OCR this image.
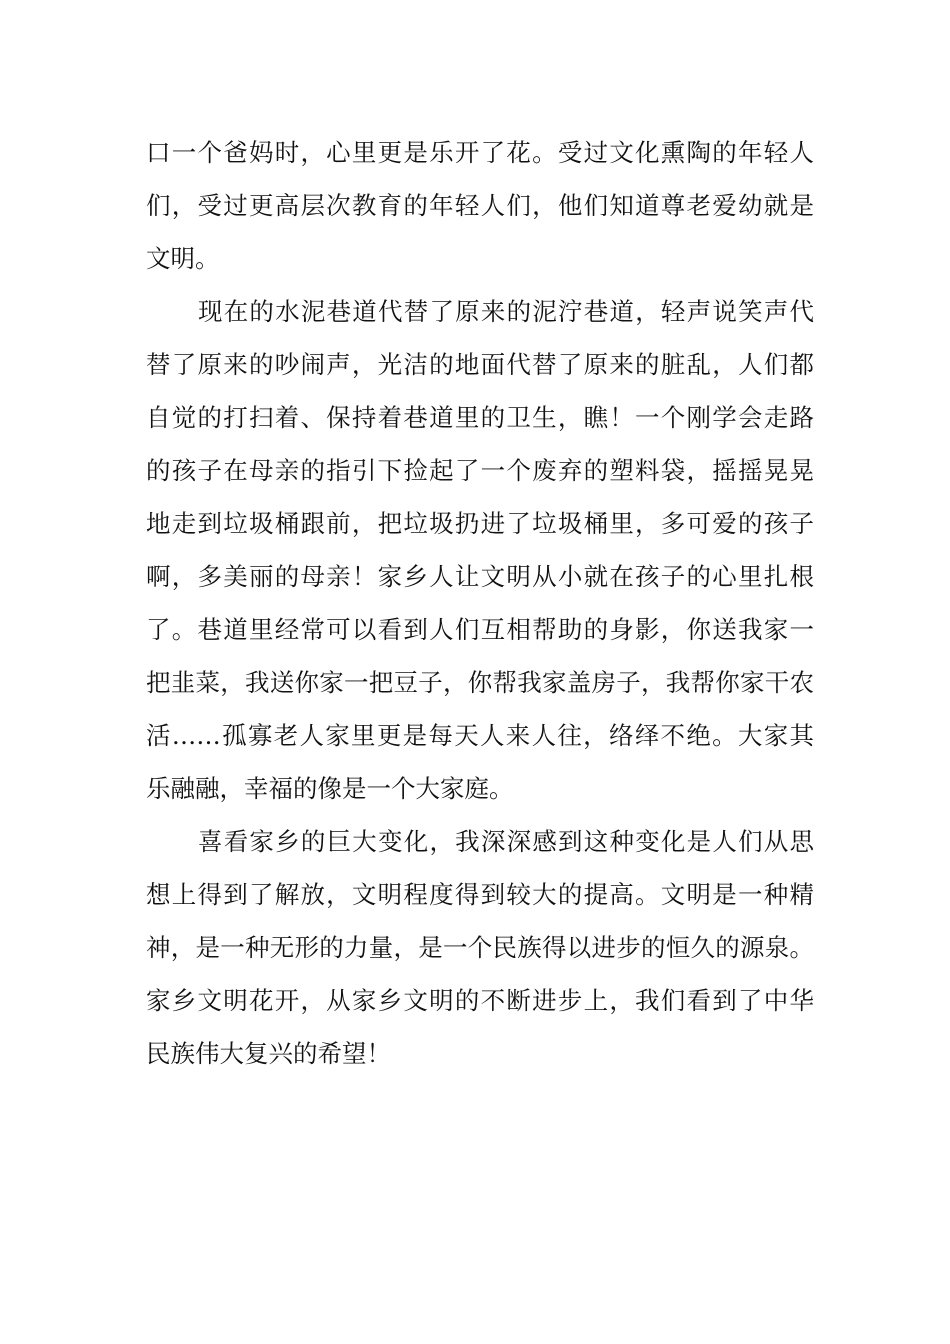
口一个爸妈时，心里更是乐开了花。受过文化熏陶的年轻人
们，受过更高层次教育的年轻人们，他们知道尊老爱幼就是
文明。
现在的水泥巷道代替了原来的泥泞巷道，轻声说笑声代
替了原来的吵闹声，光洁的地面代替了原来的脏乱，人们都
自觉的打扫着、保持着巷道里的卫生，瞧！一个刚学会走路
的孩子在母亲的指引下捡起了一个废弃的塑料袋，摇摇晃晃
地走到垃圾桶跟前，把垃圾扔进了垃圾桶里，多可爱的孩子
啊，多美丽的母亲！家乡人让文明从小就在孩子的心里扎根
了。巷道里经常可以看到人们互相帮助的身影，你送我家一
把韭菜，我送你家一把豆子，你帮我家盖房子，我帮你家干农
活……孤寡老人家里更是每天人来人往，络绎不绝。大家其
乐融融，幸福的像是一个大家庭。
喜看家乡的巨大变化，我深深感到这种变化是人们从思
想上得到了解放，文明程度得到较大的提高。文明是一种精
神，是一种无形的力量，是一个民族得以进步的恒久的源泉。
家乡文明花开，从家乡文明的不断进步上，我们看到了中华
民族伟大复兴的希望！
